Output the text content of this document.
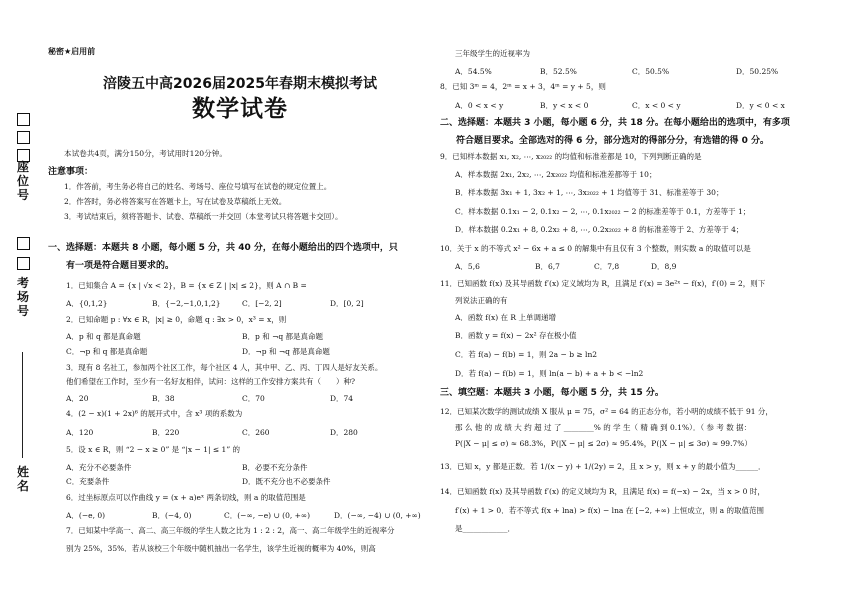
座位号
考场号
姓名
秘密★启用前
涪陵五中高2026届2025年春期末模拟考试
数学试卷
本试卷共4页，满分150分，考试用时120分钟。
注意事项：
1．作答前，考生务必将自己的姓名、考场号、座位号填写在试卷的规定位置上。
2．作答时，务必将答案写在答题卡上，写在试卷及草稿纸上无效。
3．考试结束后，须将答题卡、试卷、草稿纸一并交回（本堂考试只将答题卡交回）。
一、选择题：本题共 8 小题，每小题 5 分，共 40 分，在每小题给出的四个选项中，只
有一项是符合题目要求的。
1．已知集合 A = {x | √x < 2}，B = {x ∈ Z | |x| ≤ 2}，则 A ∩ B =
A．{0,1,2}	B．{−2,−1,0,1,2}	C．[−2, 2]	D．[0, 2]
2．已知命题 p : ∀x ∈ R，|x| ≥ 0，命题 q : ∃x > 0，x³ = x，则
A．p 和 q 都是真命题	B．p 和 ¬q 都是真命题
C．¬p 和 q 都是真命题	D．¬p 和 ¬q 都是真命题
3．现有 8 名社工，参加两个社区工作，每个社区 4 人，其中甲、乙、丙、丁四人是好友关系。
他们希望在工作时，至少有一名好友相伴，试问：这样的工作安排方案共有（　　）种?
A．20	B．38	C．70	D．74
4．(2 − x)(1 + 2x)⁶ 的展开式中，含 x³ 项的系数为
A．120	B．220	C．260	D．280
5．设 x ∈ R，则 “2 − x ≥ 0” 是 “|x − 1| ≤ 1” 的
A．充分不必要条件	B．必要不充分条件
C．充要条件	D．既不充分也不必要条件
6．过坐标原点可以作曲线 y = (x + a)eˣ 两条切线，则 a 的取值范围是
A．(−e, 0)	B．(−4, 0)	C．(−∞, −e) ∪ (0, +∞)	D．(−∞, −4) ∪ (0, +∞)
7．已知某中学高一、高二、高三年级的学生人数之比为 1 : 2 : 2，高一、高二年级学生的近视率分
别为 25%，35%．若从该校三个年级中随机抽出一名学生，该学生近视的概率为 40%，则高
三年级学生的近视率为
A．54.5%	B．52.5%	C．50.5%	D．50.25%
8．已知 3ᵐ = 4，2ᵐ = x + 3，4ᵐ = y + 5，则
A．0 < x < y	B．y < x < 0	C．x < 0 < y	D．y < 0 < x
二、选择题：本题共 3 小题，每小题 6 分，共 18 分。在每小题给出的选项中，有多项
符合题目要求。全部选对的得 6 分，部分选对的得部分分，有选错的得 0 分。
9．已知样本数据 x₁, x₂, ⋯, x₂₀₂₂ 的均值和标准差都是 10，下列判断正确的是
A．样本数据 2x₁, 2x₂, ⋯, 2x₂₀₂₂ 均值和标准差都等于 10；
B．样本数据 3x₁ + 1, 3x₂ + 1, ⋯, 3x₂₀₂₂ + 1 均值等于 31、标准差等于 30；
C．样本数据 0.1x₁ − 2, 0.1x₂ − 2, ⋯, 0.1x₂₀₂₂ − 2 的标准差等于 0.1，方差等于 1；
D．样本数据 0.2x₁ + 8, 0.2x₂ + 8, ⋯, 0.2x₂₀₂₂ + 8 的标准差等于 2、方差等于 4；
10．关于 x 的不等式 x² − 6x + a ≤ 0 的解集中有且仅有 3 个整数，则实数 a 的取值可以是
A．5,6	B．6,7	C．7,8	D．8,9
11．已知函数 f(x) 及其导函数 f′(x) 定义域均为 R，且满足 f′(x) = 3e²ˣ − f(x)，f′(0) = 2，则下
列说法正确的有
A．函数 f(x) 在 R 上单调递增
B．函数 y = f(x) − 2x² 存在极小值
C．若 f(a) − f(b) = 1，则 2a − b ≥ ln2
D．若 f(a) − f(b) = 1，则 ln(a − b) + a + b < −ln2
三、填空题：本题共 3 小题，每小题 5 分，共 15 分。
12．已知某次数学的测试成绩 X 服从 μ = 75，σ² = 64 的正态分布，若小明的成绩不低于 91 分，
那 么 他 的 成 绩 大 约 超 过 了 ________% 的 学 生（ 精 确 到 0.1%）．（ 参 考 数 据：
P(|X − μ| ≤ σ) ≈ 68.3%，P(|X − μ| ≤ 2σ) ≈ 95.4%，P(|X − μ| ≤ 3σ) ≈ 99.7%）
13．已知 x，y 都是正数．若 1/(x − y) + 1/(2y) = 2，且 x > y，则 x + y 的最小值为______．
14．已知函数 f(x) 及其导函数 f′(x) 的定义域均为 R，且满足 f(x) = f(−x) − 2x，当 x > 0 时，
f′(x) + 1 > 0．若不等式 f(x + lna) > f(x) − lna 在 [−2, +∞) 上恒成立，则 a 的取值范围
是____________．
